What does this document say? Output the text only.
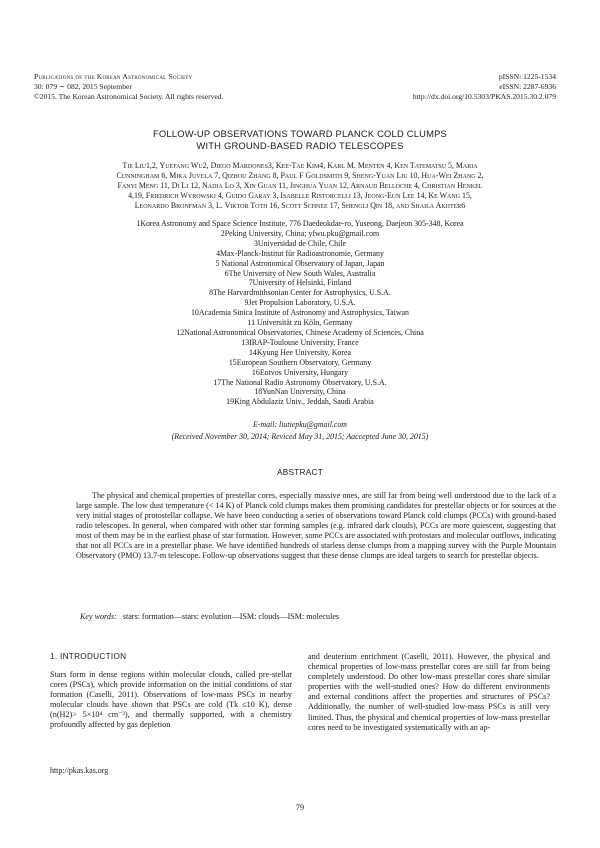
Publications of the Korean Astronomical Society
30: 079 ∼ 082, 2015 September
©2015. The Korean Astronomical Society. All rights reserved.
pISSN: 1225-1534
eISSN: 2287-6936
http://dx.doi.org/10.5303/PKAS.2015.30.2.079
FOLLOW-UP OBSERVATIONS TOWARD PLANCK COLD CLUMPS
WITH GROUND-BASED RADIO TELESCOPES
Tie Liu1,2, Yuefang Wu2, Diego Mardones3, Kee-Tae Kim4, Karl M. Menten 4, Ken Tatematsu 5, Maria
Cunningham 6, Mika Juvela 7, Qizhou Zhang 8, Paul F Goldsmith 9, Sheng-Yuan Liu 10, Hua-Wei Zhang 2,
Fanyi Meng 11, Di Li 12, Nadia Lo 3, Xin Guan 11, Jinghua Yuan 12, Arnaud Belloche 4, Christian Henkel
4,19, Friedrich Wyrowski 4, Guido Garay 3, Isabelle Ristorcelli 13, Jeong-Eun Lee 14, Ke Wang 15,
Leonardo Bronfman 3, L. Viktor Toth 16, Scott Schnee 17, Shengli Qin 18, and Shaila Akhter6
1Korea Astronomy and Space Science Institute, 776 Daedeokdae-ro, Yuseong, Daejeon 305-348, Korea
2Peking University, China; yfwu.pku@gmail.com
3Universidad de Chile, Chile
4Max-Planck-Institut für Radioastronomie, Germany
5 National Astronomical Observatory of Japan, Japan
6The University of New South Wales, Australia
7University of Helsinki, Finland
8The Harvardmithsonian Center for Astrophysics, U.S.A.
9Jet Propulsion Laboratory, U.S.A.
10Academia Sinica Institute of Astronomy and Astrophysics, Taiwan
11 Universität zu Köln, Germany
12National Astronomical Observatories, Chinese Academy of Sciences, China
13IRAP-Toulouse University, France
14Kyung Hee University, Korea
15European Southern Observatory, Germany
16Eotvos University, Hungary
17The National Radio Astronomy Observatory, U.S.A.
18YunNan University, China
19King Abdulaziz Univ., Jeddah, Saudi Arabia
E-mail: liutiepku@gmail.com
(Received November 30, 2014; Reviced May 31, 2015; Aaccepted June 30, 2015)
ABSTRACT
The physical and chemical properties of prestellar cores, especially massive ones, are still far from being well understood due to the lack of a large sample. The low dust temperature (< 14 K) of Planck cold clumps makes them promising candidates for prestellar objects or for sources at the very initial stages of protostellar collapse. We have been conducting a series of observations toward Planck cold clumps (PCCs) with ground-based radio telescopes. In general, when compared with other star forming samples (e.g. infrared dark clouds), PCCs are more quiescent, suggesting that most of them may be in the earliest phase of star formation. However, some PCCs are associated with protostars and molecular outflows, indicating that not all PCCs are in a prestellar phase. We have identified hundreds of starless dense clumps from a mapping survey with the Purple Mountain Observatory (PMO) 13.7-m telescope. Follow-up observations suggest that these dense clumps are ideal targets to search for prestellar objects.
Key words: stars: formation—stars: evolution—ISM: clouds—ISM: molecules
1. INTRODUCTION
Stars form in dense regions within molecular clouds, called pre-stellar cores (PSCs), which provide information on the initial conditions of star formation (Caselli, 2011). Observations of low-mass PSCs in nearby molecular clouds have shown that PSCs are cold (Tk ≤10 K), dense (n(H2)> 5×10⁴ cm⁻³), and thermally supported, with a chemistry profoundly affected by gas depletion
and deuterium enrichment (Caselli, 2011). However, the physical and chemical properties of low-mass prestellar cores are still far from being completely understood. Do other low-mass prestellar cores share similar properties with the well-studied ones? How do different environments and external conditions affect the properties and structures of PSCs? Additionally, the number of well-studied low-mass PSCs is still very limited. Thus, the physical and chemical properties of low-mass prestellar cores need to be investigated systematically with an ap-
http://pkas.kas.org
79
